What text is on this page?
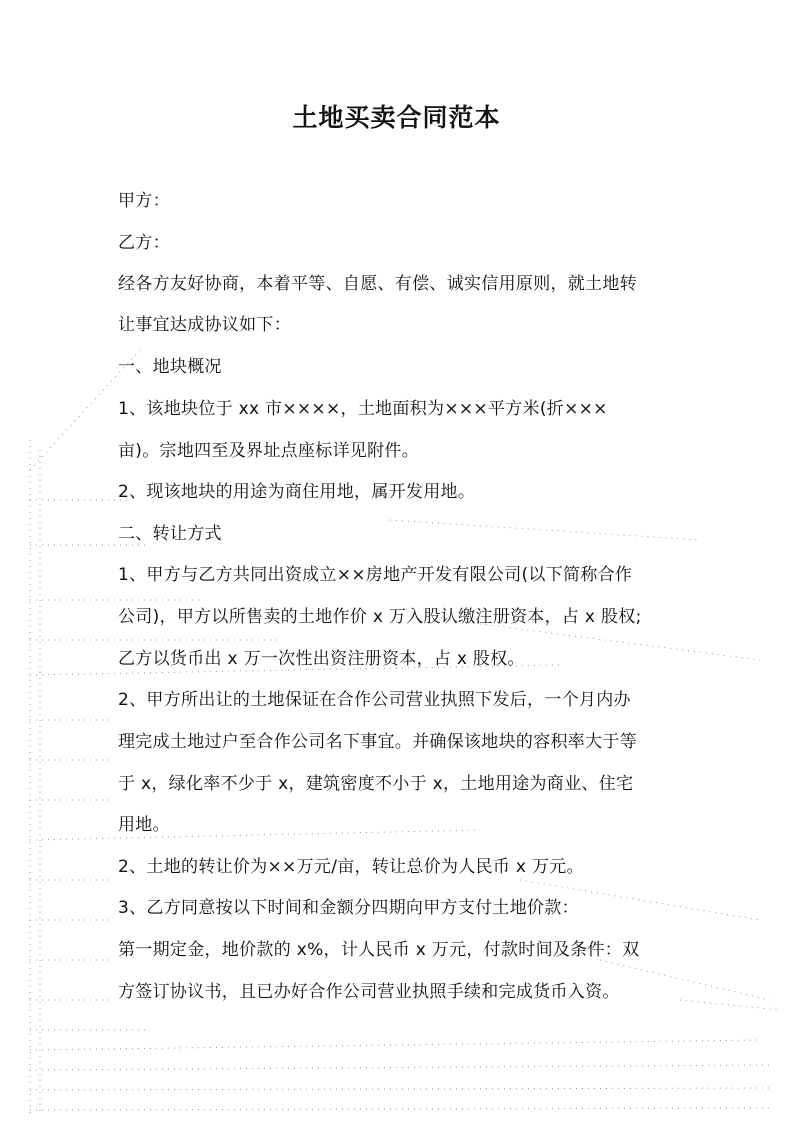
土地买卖合同范本
甲方：
乙方：
经各方友好协商，本着平等、自愿、有偿、诚实信用原则，就土地转
让事宜达成协议如下：
一、地块概况
1、该地块位于 xx 市××××，土地面积为×××平方米(折×××
亩)。宗地四至及界址点座标详见附件。
2、现该地块的用途为商住用地，属开发用地。
二、转让方式
1、甲方与乙方共同出资成立××房地产开发有限公司(以下简称合作
公司)，甲方以所售卖的土地作价 x 万入股认缴注册资本，占 x 股权;
乙方以货币出 x 万一次性出资注册资本，占 x 股权。
2、甲方所出让的土地保证在合作公司营业执照下发后，一个月内办
理完成土地过户至合作公司名下事宜。并确保该地块的容积率大于等
于 x，绿化率不少于 x，建筑密度不小于 x，土地用途为商业、住宅
用地。
2、土地的转让价为××万元/亩，转让总价为人民币 x 万元。
3、乙方同意按以下时间和金额分四期向甲方支付土地价款：
第一期定金，地价款的 x%，计人民币 x 万元，付款时间及条件：双
方签订协议书，且已办好合作公司营业执照手续和完成货币入资。
